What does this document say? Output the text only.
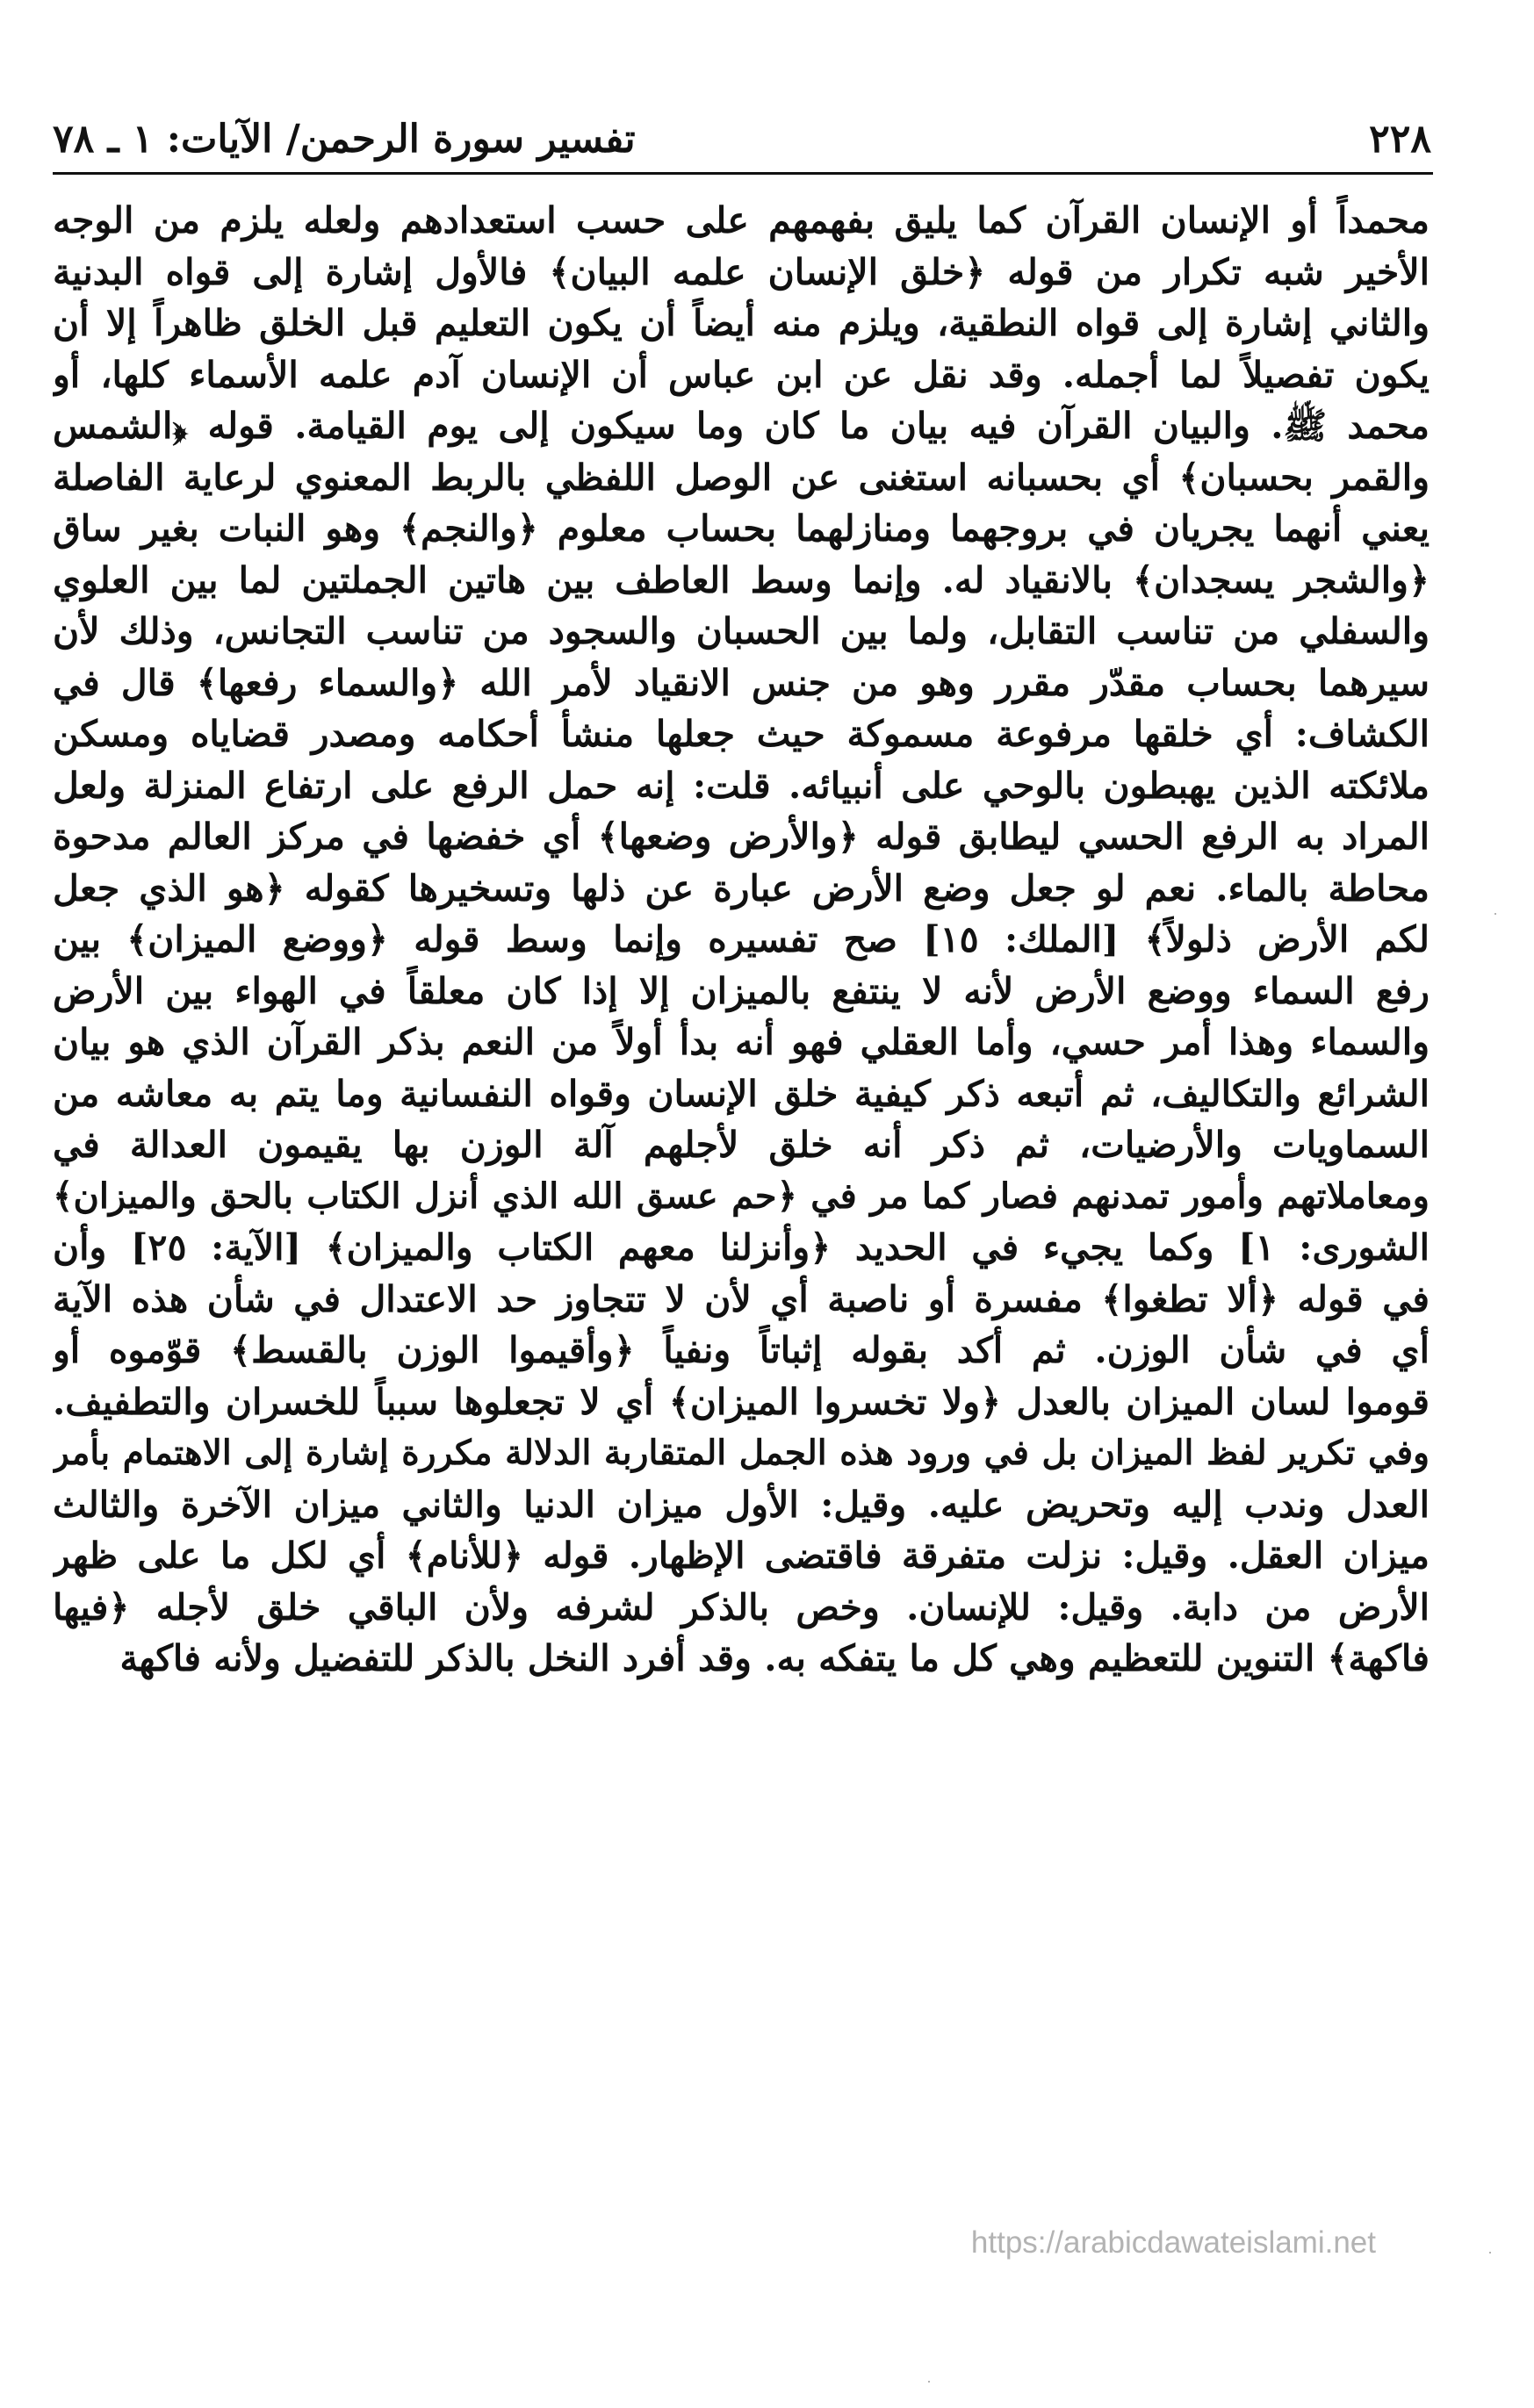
٢٢٨
تفسير سورة الرحمن/ الآيات: ١ ـ ٧٨
محمداً أو الإنسان القرآن كما يليق بفهمهم على حسب استعدادهم ولعله يلزم من الوجه
الأخير شبه تكرار من قوله ﴿خلق الإنسان علمه البيان﴾ فالأول إشارة إلى قواه البدنية
والثاني إشارة إلى قواه النطقية، ويلزم منه أيضاً أن يكون التعليم قبل الخلق ظاهراً إلا أن
يكون تفصيلاً لما أجمله. وقد نقل عن ابن عباس أن الإنسان آدم علمه الأسماء كلها، أو
محمد ﷺ. والبيان القرآن فيه بيان ما كان وما سيكون إلى يوم القيامة. قوله ﴿الشمس
والقمر بحسبان﴾ أي بحسبانه استغنى عن الوصل اللفظي بالربط المعنوي لرعاية الفاصلة
يعني أنهما يجريان في بروجهما ومنازلهما بحساب معلوم ﴿والنجم﴾ وهو النبات بغير ساق
﴿والشجر يسجدان﴾ بالانقياد له. وإنما وسط العاطف بين هاتين الجملتين لما بين العلوي
والسفلي من تناسب التقابل، ولما بين الحسبان والسجود من تناسب التجانس، وذلك لأن
سيرهما بحساب مقدّر مقرر وهو من جنس الانقياد لأمر الله ﴿والسماء رفعها﴾ قال في
الكشاف: أي خلقها مرفوعة مسموكة حيث جعلها منشأ أحكامه ومصدر قضاياه ومسكن
ملائكته الذين يهبطون بالوحي على أنبيائه. قلت: إنه حمل الرفع على ارتفاع المنزلة ولعل
المراد به الرفع الحسي ليطابق قوله ﴿والأرض وضعها﴾ أي خفضها في مركز العالم مدحوة
محاطة بالماء. نعم لو جعل وضع الأرض عبارة عن ذلها وتسخيرها كقوله ﴿هو الذي جعل
لكم الأرض ذلولاً﴾ [الملك: ١٥] صح تفسيره وإنما وسط قوله ﴿ووضع الميزان﴾ بين
رفع السماء ووضع الأرض لأنه لا ينتفع بالميزان إلا إذا كان معلقاً في الهواء بين الأرض
والسماء وهذا أمر حسي، وأما العقلي فهو أنه بدأ أولاً من النعم بذكر القرآن الذي هو بيان
الشرائع والتكاليف، ثم أتبعه ذكر كيفية خلق الإنسان وقواه النفسانية وما يتم به معاشه من
السماويات والأرضيات، ثم ذكر أنه خلق لأجلهم آلة الوزن بها يقيمون العدالة في
ومعاملاتهم وأمور تمدنهم فصار كما مر في ﴿حم عسق الله الذي أنزل الكتاب بالحق والميزان﴾
الشورى: ١] وكما يجيء في الحديد ﴿وأنزلنا معهم الكتاب والميزان﴾ [الآية: ٢٥] وأن
في قوله ﴿ألا تطغوا﴾ مفسرة أو ناصبة أي لأن لا تتجاوز حد الاعتدال في شأن هذه الآية
أي في شأن الوزن. ثم أكد بقوله إثباتاً ونفياً ﴿وأقيموا الوزن بالقسط﴾ قوّموه أو
قوموا لسان الميزان بالعدل ﴿ولا تخسروا الميزان﴾ أي لا تجعلوها سبباً للخسران والتطفيف.
وفي تكرير لفظ الميزان بل في ورود هذه الجمل المتقاربة الدلالة مكررة إشارة إلى الاهتمام بأمر
العدل وندب إليه وتحريض عليه. وقيل: الأول ميزان الدنيا والثاني ميزان الآخرة والثالث
ميزان العقل. وقيل: نزلت متفرقة فاقتضى الإظهار. قوله ﴿للأنام﴾ أي لكل ما على ظهر
الأرض من دابة. وقيل: للإنسان. وخص بالذكر لشرفه ولأن الباقي خلق لأجله ﴿فيها
فاكهة﴾ التنوين للتعظيم وهي كل ما يتفكه به. وقد أفرد النخل بالذكر للتفضيل ولأنه فاكهة
https://arabicdawateislami.net
